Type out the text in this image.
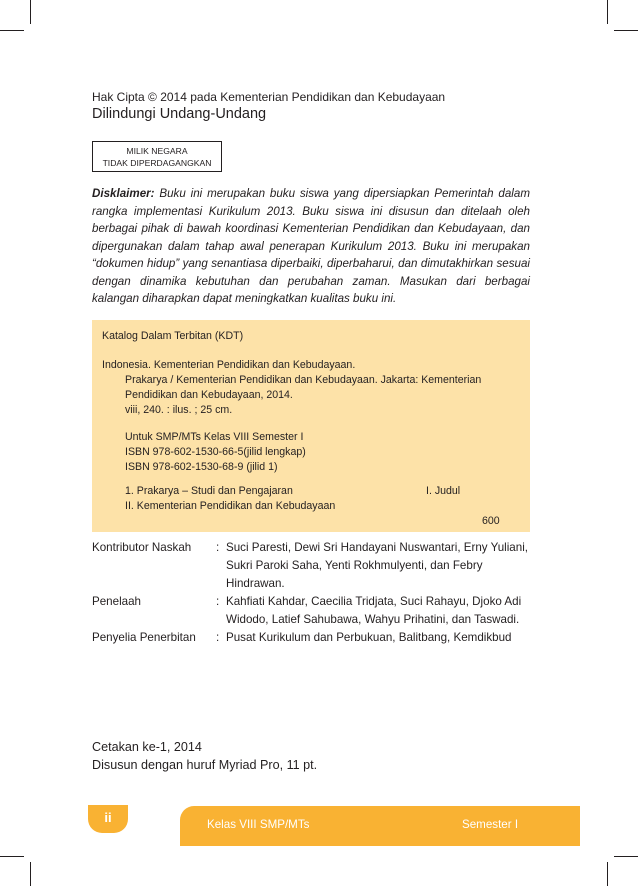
Hak Cipta © 2014 pada Kementerian Pendidikan dan Kebudayaan
Dilindungi Undang-Undang
MILIK NEGARA
TIDAK DIPERDAGANGKAN
Disklaimer: Buku ini merupakan buku siswa yang dipersiapkan Pemerintah dalam rangka implementasi Kurikulum 2013. Buku siswa ini disusun dan ditelaah oleh berbagai pihak di bawah koordinasi Kementerian Pendidikan dan Kebudayaan, dan dipergunakan dalam tahap awal penerapan Kurikulum 2013. Buku ini merupakan “dokumen hidup” yang senantiasa diperbaiki, diperbaharui, dan dimutakhirkan sesuai dengan dinamika kebutuhan dan perubahan zaman. Masukan dari berbagai kalangan diharapkan dapat meningkatkan kualitas buku ini.
Katalog Dalam Terbitan (KDT)
Indonesia. Kementerian Pendidikan dan Kebudayaan.
Prakarya / Kementerian Pendidikan dan Kebudayaan. Jakarta: Kementerian
Pendidikan dan Kebudayaan, 2014.
viii, 240. : ilus. ; 25 cm.
Untuk SMP/MTs Kelas VIII Semester I
ISBN 978-602-1530-66-5(jilid lengkap)
ISBN 978-602-1530-68-9 (jilid 1)
1. Prakarya – Studi dan Pengajaran	I. Judul
II. Kementerian Pendidikan dan Kebudayaan
600
Kontributor Naskah	: Suci Paresti, Dewi Sri Handayani Nuswantari, Erny Yuliani,
Sukri Paroki Saha, Yenti Rokhmulyenti, dan Febry
Hindrawan.
Penelaah	: Kahfiati Kahdar, Caecilia Tridjata, Suci Rahayu, Djoko Adi
Widodo, Latief Sahubawa, Wahyu Prihatini, dan Taswadi.
Penyelia Penerbitan	: Pusat Kurikulum dan Perbukuan, Balitbang, Kemdikbud
Cetakan ke-1, 2014
Disusun dengan huruf Myriad Pro, 11 pt.
Kelas VIII SMP/MTs	Semester I
ii
